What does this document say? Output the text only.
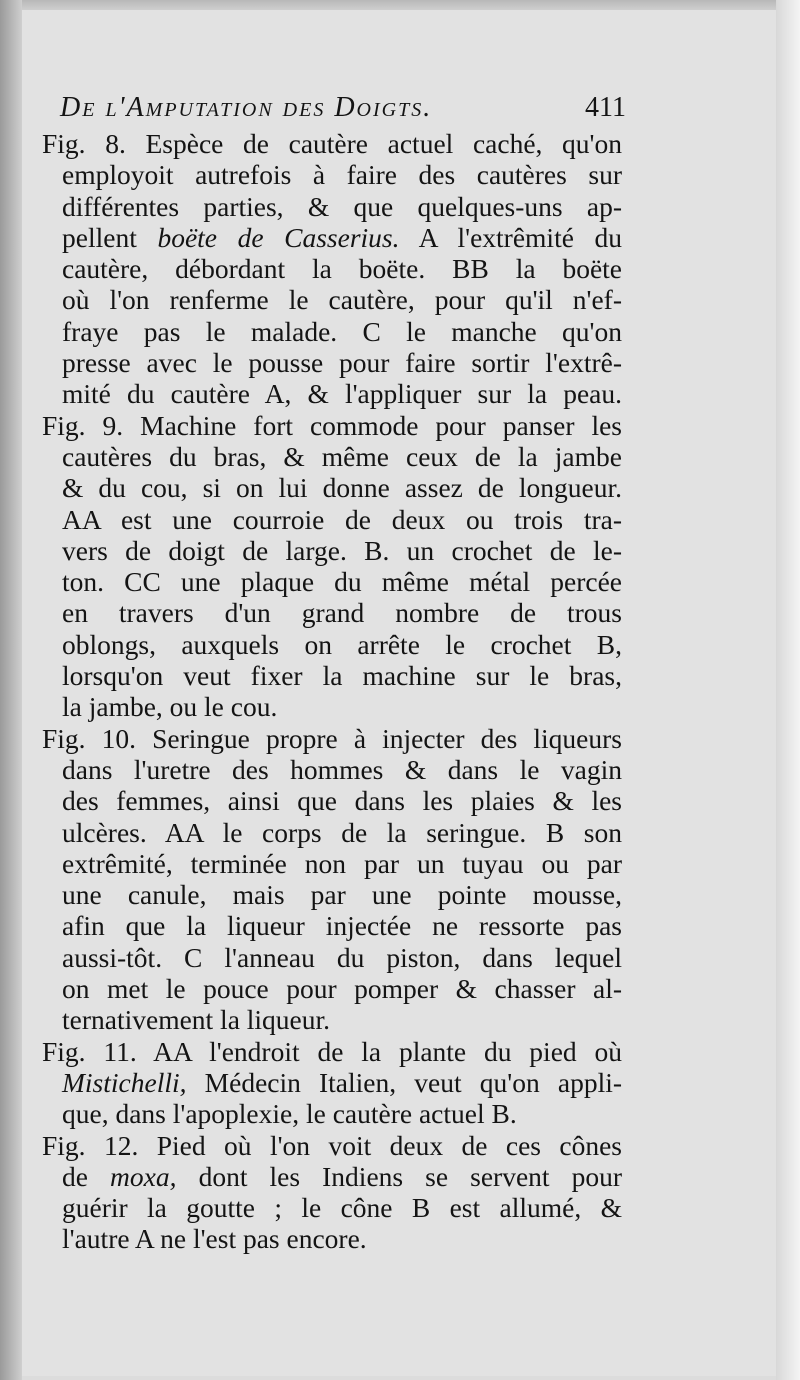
De l'Amputation des Doigts.	411
Fig. 8. Espèce de cautère actuel caché, qu'on
employoit autrefois à faire des cautères sur
différentes parties, & que quelques-uns ap-
pellent boëte de Casserius. A l'extrêmité du
cautère, débordant la boëte. BB la boëte
où l'on renferme le cautère, pour qu'il n'ef-
fraye pas le malade. C le manche qu'on
presse avec le pousse pour faire sortir l'extrê-
mité du cautère A, & l'appliquer sur la peau.
Fig. 9. Machine fort commode pour panser les
cautères du bras, & même ceux de la jambe
& du cou, si on lui donne assez de longueur.
AA est une courroie de deux ou trois tra-
vers de doigt de large. B. un crochet de le-
ton. CC une plaque du même métal percée
en travers d'un grand nombre de trous
oblongs, auxquels on arrête le crochet B,
lorsqu'on veut fixer la machine sur le bras,
la jambe, ou le cou.
Fig. 10. Seringue propre à injecter des liqueurs
dans l'uretre des hommes & dans le vagin
des femmes, ainsi que dans les plaies & les
ulcères. AA le corps de la seringue. B son
extrêmité, terminée non par un tuyau ou par
une canule, mais par une pointe mousse,
afin que la liqueur injectée ne ressorte pas
aussi-tôt. C l'anneau du piston, dans lequel
on met le pouce pour pomper & chasser al-
ternativement la liqueur.
Fig. 11. AA l'endroit de la plante du pied où
Mistichelli, Médecin Italien, veut qu'on appli-
que, dans l'apoplexie, le cautère actuel B.
Fig. 12. Pied où l'on voit deux de ces cônes
de moxa, dont les Indiens se servent pour
guérir la goutte ; le cône B est allumé, &
l'autre A ne l'est pas encore.
